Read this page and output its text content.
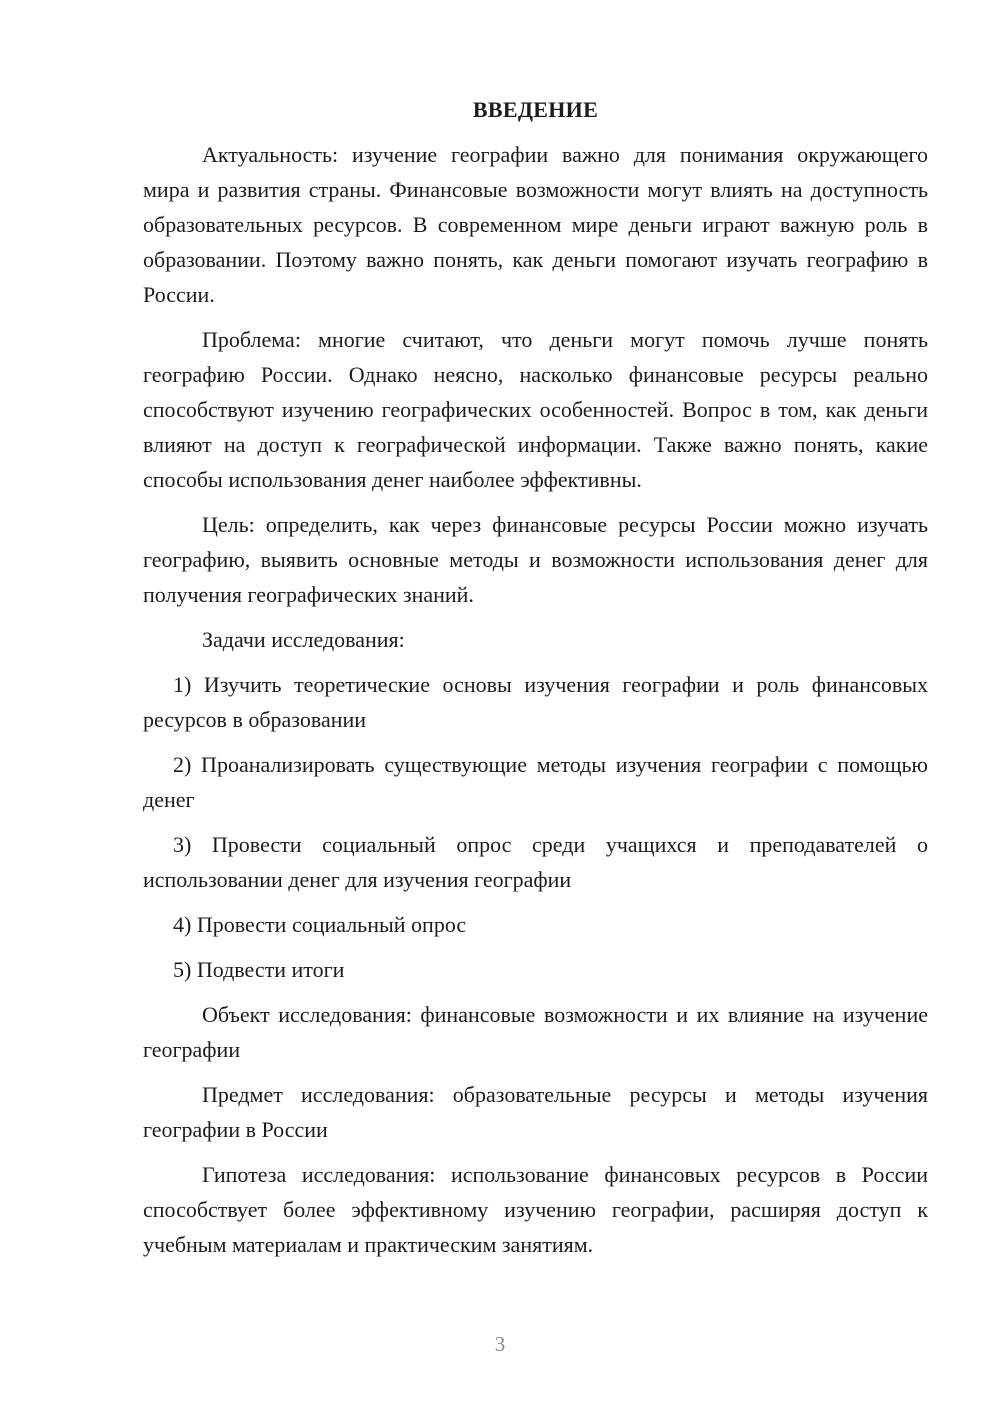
ВВЕДЕНИЕ

Актуальность: изучение географии важно для понимания окружающего мира и развития страны. Финансовые возможности могут влиять на доступность образовательных ресурсов. В современном мире деньги играют важную роль в образовании. Поэтому важно понять, как деньги помогают изучать географию в России.

Проблема: многие считают, что деньги могут помочь лучше понять географию России. Однако неясно, насколько финансовые ресурсы реально способствуют изучению географических особенностей. Вопрос в том, как деньги влияют на доступ к географической информации. Также важно понять, какие способы использования денег наиболее эффективны.

Цель: определить, как через финансовые ресурсы России можно изучать географию, выявить основные методы и возможности использования денег для получения географических знаний.

Задачи исследования:

1) Изучить теоретические основы изучения географии и роль финансовых ресурсов в образовании

2) Проанализировать существующие методы изучения географии с помощью денег

3) Провести социальный опрос среди учащихся и преподавателей о использовании денег для изучения географии

4) Провести социальный опрос

5) Подвести итоги

Объект исследования: финансовые возможности и их влияние на изучение географии

Предмет исследования: образовательные ресурсы и методы изучения географии в России

Гипотеза исследования: использование финансовых ресурсов в России способствует более эффективному изучению географии, расширяя доступ к учебным материалам и практическим занятиям.

3
